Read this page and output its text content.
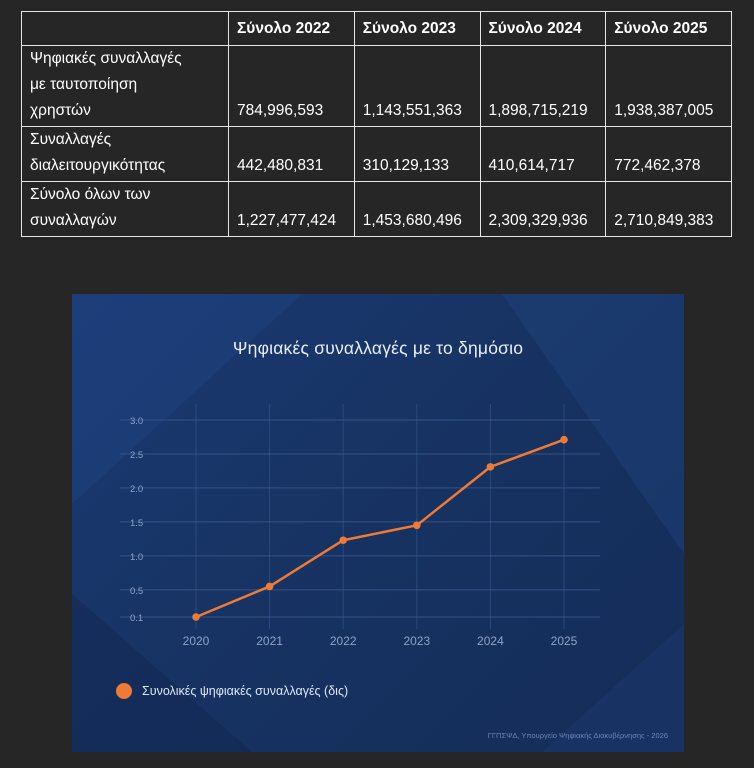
	Σύνολο 2022	Σύνολο 2023	Σύνολο 2024	Σύνολο 2025
Ψηφιακές συναλλαγές
με ταυτοποίηση
χρηστών	784,996,593	1,143,551,363	1,898,715,219	1,938,387,005
Συναλλαγές
διαλειτουργικότητας	442,480,831	310,129,133	410,614,717	772,462,378
Σύνολο όλων των
συναλλαγών	1,227,477,424	1,453,680,496	2,309,329,936	2,710,849,383
0.1
0.5
1.0
1.5
2.0
2.5
3.0
2020	2021	2022	2023	2024	2025
Ψηφιακές συναλλαγές με το δημόσιο
Συνολικές ψηφιακές συναλλαγές (δις)
ΓΓΠΣΨΔ, Υπουργείο Ψηφιακής Διακυβέρνησης - 2026
